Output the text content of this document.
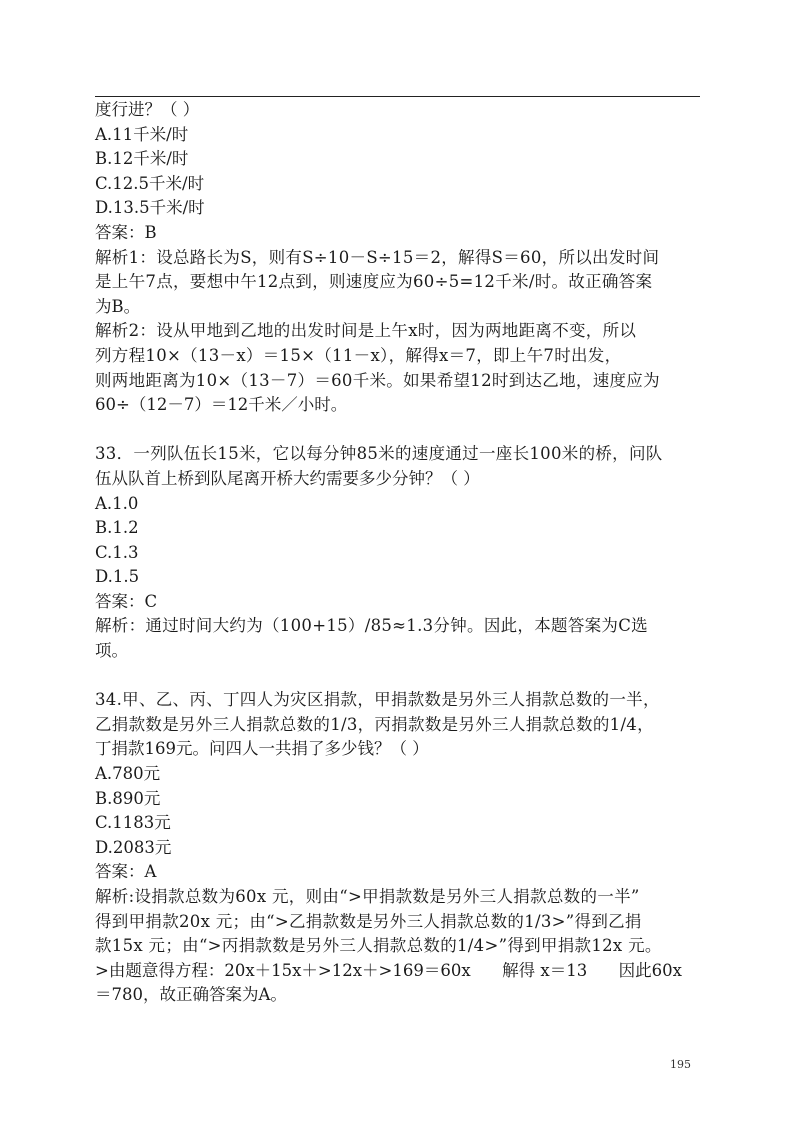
度行进？（ ）
A.11千米/时
B.12千米/时
C.12.5千米/时
D.13.5千米/时
答案：B
解析1：设总路长为S，则有S÷10－S÷15＝2，解得S＝60，所以出发时间
是上午7点，要想中午12点到，则速度应为60÷5=12千米/时。故正确答案
为B。
解析2：设从甲地到乙地的出发时间是上午x时，因为两地距离不变，所以
列方程10×（13－x）＝15×（11－x），解得x＝7，即上午7时出发，
则两地距离为10×（13－7）＝60千米。如果希望12时到达乙地，速度应为
60÷（12－7）＝12千米／小时。
33．一列队伍长15米，它以每分钟85米的速度通过一座长100米的桥，问队
伍从队首上桥到队尾离开桥大约需要多少分钟？（ ）
A.1.0
B.1.2
C.1.3
D.1.5
答案：C
解析：通过时间大约为（100+15）/85≈1.3分钟。因此，本题答案为C选
项。
34.甲、乙、丙、丁四人为灾区捐款，甲捐款数是另外三人捐款总数的一半，
乙捐款数是另外三人捐款总数的1/3，丙捐款数是另外三人捐款总数的1/4，
丁捐款169元。问四人一共捐了多少钱？（ ）
A.780元
B.890元
C.1183元
D.2083元
答案：A
解析:设捐款总数为60x 元，则由“>甲捐款数是另外三人捐款总数的一半”
得到甲捐款20x 元；由“>乙捐款数是另外三人捐款总数的1/3>”得到乙捐
款15x 元；由“>丙捐款数是另外三人捐款总数的1/4>”得到甲捐款12x 元。
>由题意得方程：20x＋15x＋>12x＋>169＝60x      解得 x＝13      因此60x
＝780，故正确答案为A。
195
